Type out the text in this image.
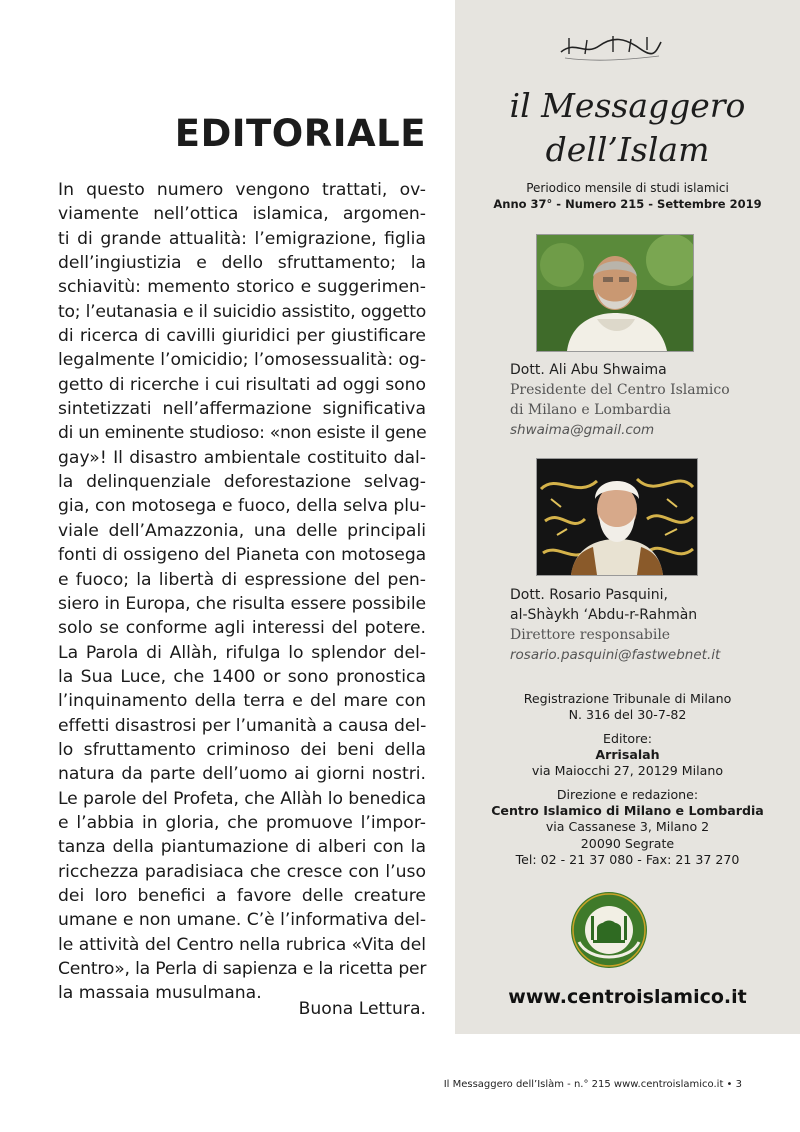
EDITORIALE
In questo numero vengono trattati, ov-
viamente nell’ottica islamica, argomen-
ti di grande attualità: l’emigrazione, figlia
dell’ingiustizia e dello sfruttamento; la
schiavitù: memento storico e suggerimen-
to; l’eutanasia e il suicidio assistito, oggetto
di ricerca di cavilli giuridici per giustificare
legalmente l’omicidio; l’omosessualità: og-
getto di ricerche i cui risultati ad oggi sono
sintetizzati nell’affermazione significativa
di un eminente studioso: «non esiste il gene
gay»! Il disastro ambientale costituito dal-
la delinquenziale deforestazione selvag-
gia, con motosega e fuoco, della selva plu-
viale dell’Amazzonia, una delle principali
fonti di ossigeno del Pianeta con motosega
e fuoco; la libertà di espressione del pen-
siero in Europa, che risulta essere possibile
solo se conforme agli interessi del potere.
La Parola di Allàh, rifulga lo splendor del-
la Sua Luce, che 1400 or sono pronostica
l’inquinamento della terra e del mare con
effetti disastrosi per l’umanità a causa del-
lo sfruttamento criminoso dei beni della
natura da parte dell’uomo ai giorni nostri.
Le parole del Profeta, che Allàh lo benedica
e l’abbia in gloria, che promuove l’impor-
tanza della piantumazione di alberi con la
ricchezza paradisiaca che cresce con l’uso
dei loro benefici a favore delle creature
umane e non umane. C’è l’informativa del-
le attività del Centro nella rubrica «Vita del
Centro», la Perla di sapienza e la ricetta per
la massaia musulmana.
Buona Lettura.
il Messaggero
dell’Islam
Periodico mensile di studi islamici
Anno 37° - Numero 215 - Settembre 2019
Dott. Ali Abu Shwaima
Presidente del Centro Islamico
di Milano e Lombardia
shwaima@gmail.com
Dott. Rosario Pasquini,
al-Shàykh ‘Abdu-r-Rahmàn
Direttore responsabile
rosario.pasquini@fastwebnet.it
Registrazione Tribunale di Milano
N. 316 del 30-7-82
Editore:
Arrisalah
via Maiocchi 27, 20129 Milano
Direzione e redazione:
Centro Islamico di Milano e Lombardia
via Cassanese 3, Milano 2
20090 Segrate
Tel: 02 - 21 37 080 - Fax: 21 37 270
www.centroislamico.it
Il Messaggero dell’Islàm - n.° 215 www.centroislamico.it • 3
